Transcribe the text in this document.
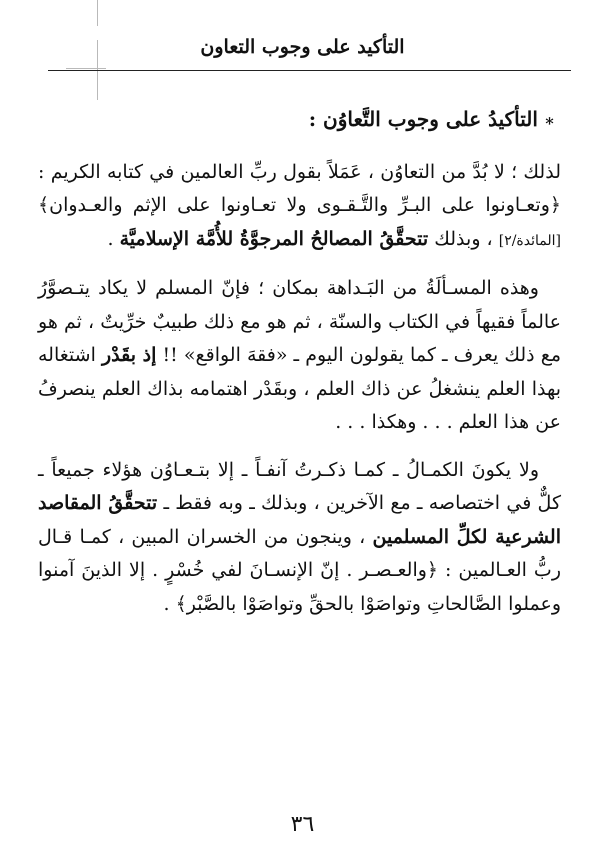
التأكيد على وجوب التعاون
∗التأكيدُ على وجوب التَّعاوُن :

لذلك ؛ لا بُدَّ من التعاوُن ، عَمَلاً بقول ربِّ العالمين في كتابه الكريم : ﴿وتعـاونوا على البـرِّ والتَّـقـوى ولا تعـاونوا على الإثم والعـدوان﴾ [المائدة/٢] ، وبذلك تتحقَّقُ المصالحُ المرجوَّةُ للأُمَّة الإسلاميَّة .

وهذه المسـألَةُ من البَـداهة بمكان ؛ فإنّ المسلم لا يكاد يتـصوَّرُ عالماً فقيهاً في الكتاب والسنّة ، ثم هو مع ذلك طبيبٌ خرِّيتٌ ، ثم هو مع ذلك يعرف ـ كما يقولون اليوم ـ «فقهَ الواقع» !! إذ بقَدْر اشتغاله بهذا العلم ينشغلُ عن ذاك العلم ، وبقَدْر اهتمامه بذاك العلم ينصرفُ عن هذا العلم . . . وهكذا . . .

ولا يكونَ الكمـالُ ـ كمـا ذكـرتُ آنفـاً ـ إلا بتـعـاوُن هؤلاء جميعاً ـ كلٌّ في اختصاصه ـ مع الآخرين ، وبذلك ـ وبه فقط ـ تتحقَّقُ المقاصد الشرعية لكلِّ المسلمين ، وينجون من الخسران المبين ، كمـا قـال ربُّ العـالمين : ﴿والعـصـر . إنّ الإنسـانَ لفي خُسْرٍ . إلا الذينَ آمنوا وعملوا الصَّالحاتِ وتواصَوْا بالحقِّ وتواصَوْا بالصَّبْر﴾ .

٣٦
